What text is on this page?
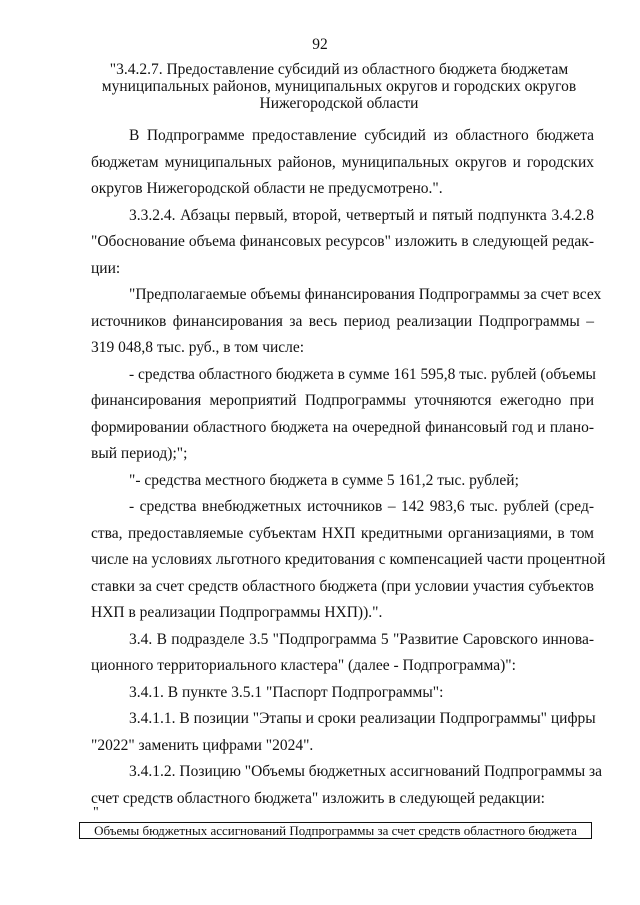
92
"3.4.2.7. Предоставление субсидий из областного бюджета бюджетам
муниципальных районов, муниципальных округов и городских округов
Нижегородской области
В Подпрограмме предоставление субсидий из областного бюджета
бюджетам муниципальных районов, муниципальных округов и городских
округов Нижегородской области не предусмотрено.".
3.3.2.4. Абзацы первый, второй, четвертый и пятый подпункта 3.4.2.8
"Обоснование объема финансовых ресурсов" изложить в следующей редак-
ции:
"Предполагаемые объемы финансирования Подпрограммы за счет всех
источников финансирования за весь период реализации Подпрограммы –
319 048,8 тыс. руб., в том числе:
- средства областного бюджета в сумме 161 595,8 тыс. рублей (объемы
финансирования мероприятий Подпрограммы уточняются ежегодно при
формировании областного бюджета на очередной финансовый год и плано-
вый период);";
"- средства местного бюджета в сумме 5 161,2 тыс. рублей;
- средства внебюджетных источников – 142 983,6 тыс. рублей (сред-
ства, предоставляемые субъектам НХП кредитными организациями, в том
числе на условиях льготного кредитования с компенсацией части процентной
ставки за счет средств областного бюджета (при условии участия субъектов
НХП в реализации Подпрограммы НХП)).".
3.4. В подразделе 3.5 "Подпрограмма 5 "Развитие Саровского иннова-
ционного территориального кластера" (далее - Подпрограмма)":
3.4.1. В пункте 3.5.1 "Паспорт Подпрограммы":
3.4.1.1. В позиции "Этапы и сроки реализации Подпрограммы" цифры
"2022" заменить цифрами "2024".
3.4.1.2. Позицию "Объемы бюджетных ассигнований Подпрограммы за
счет средств областного бюджета" изложить в следующей редакции:
"
Объемы бюджетных ассигнований Подпрограммы за счет средств областного бюджета
